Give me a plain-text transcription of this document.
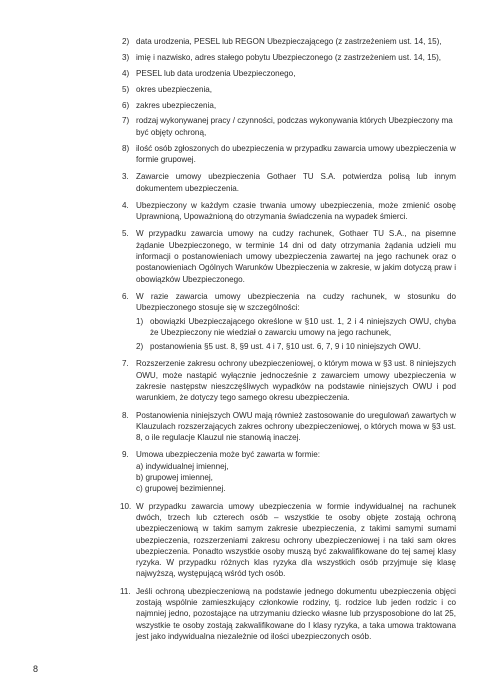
2) data urodzenia, PESEL lub REGON Ubezpieczającego (z zastrzeżeniem ust. 14, 15),
3) imię i nazwisko, adres stałego pobytu Ubezpieczonego (z zastrzeżeniem ust. 14, 15),
4) PESEL lub data urodzenia Ubezpieczonego,
5) okres ubezpieczenia,
6) zakres ubezpieczenia,
7) rodzaj wykonywanej pracy / czynności, podczas wykonywania których Ubezpieczony ma być objęty ochroną,
8) ilość osób zgłoszonych do ubezpieczenia w przypadku zawarcia umowy ubezpieczenia w formie grupowej.
3. Zawarcie umowy ubezpieczenia Gothaer TU S.A. potwierdza polisą lub innym dokumentem ubezpieczenia.
4. Ubezpieczony w każdym czasie trwania umowy ubezpieczenia, może zmienić osobę Uprawnioną, Upoważnioną do otrzymania świadczenia na wypadek śmierci.
5. W przypadku zawarcia umowy na cudzy rachunek, Gothaer TU S.A., na pisemne żądanie Ubezpieczonego, w terminie 14 dni od daty otrzymania żądania udzieli mu informacji o postanowieniach umowy ubezpieczenia zawartej na jego rachunek oraz o postanowieniach Ogólnych Warunków Ubezpieczenia w zakresie, w jakim dotyczą praw i obowiązków Ubezpieczonego.
6. W razie zawarcia umowy ubezpieczenia na cudzy rachunek, w stosunku do Ubezpieczonego stosuje się w szczególności:
1) obowiązki Ubezpieczającego określone w §10 ust. 1, 2 i 4 niniejszych OWU, chyba że Ubezpieczony nie wiedział o zawarciu umowy na jego rachunek,
2) postanowienia §5 ust. 8, §9 ust. 4 i 7, §10 ust. 6, 7, 9 i 10 niniejszych OWU.
7. Rozszerzenie zakresu ochrony ubezpieczeniowej, o którym mowa w §3 ust. 8 niniejszych OWU, może nastąpić wyłącznie jednocześnie z zawarciem umowy ubezpieczenia w zakresie następstw nieszczęśliwych wypadków na podstawie niniejszych OWU i pod warunkiem, że dotyczy tego samego okresu ubezpieczenia.
8. Postanowienia niniejszych OWU mają również zastosowanie do uregulowań zawartych w Klauzulach rozszerzających zakres ochrony ubezpieczeniowej, o których mowa w §3 ust. 8, o ile regulacje Klauzul nie stanowią inaczej.
9. Umowa ubezpieczenia może być zawarta w formie:
a) indywidualnej imiennej,
b) grupowej imiennej,
c) grupowej bezimiennej.
10. W przypadku zawarcia umowy ubezpieczenia w formie indywidualnej na rachunek dwóch, trzech lub czterech osób – wszystkie te osoby objęte zostają ochroną ubezpieczeniową w takim samym zakresie ubezpieczenia, z takimi samymi sumami ubezpieczenia, rozszerzeniami zakresu ochrony ubezpieczeniowej i na taki sam okres ubezpieczenia. Ponadto wszystkie osoby muszą być zakwalifikowane do tej samej klasy ryzyka. W przypadku różnych klas ryzyka dla wszystkich osób przyjmuje się klasę najwyższą, występującą wśród tych osób.
11. Jeśli ochroną ubezpieczeniową na podstawie jednego dokumentu ubezpieczenia objęci zostają wspólnie zamieszkujący członkowie rodziny, tj. rodzice lub jeden rodzic i co najmniej jedno, pozostające na utrzymaniu dziecko własne lub przysposobione do lat 25, wszystkie te osoby zostają zakwalifikowane do I klasy ryzyka, a taka umowa traktowana jest jako indywidualna niezależnie od ilości ubezpieczonych osób.
8
